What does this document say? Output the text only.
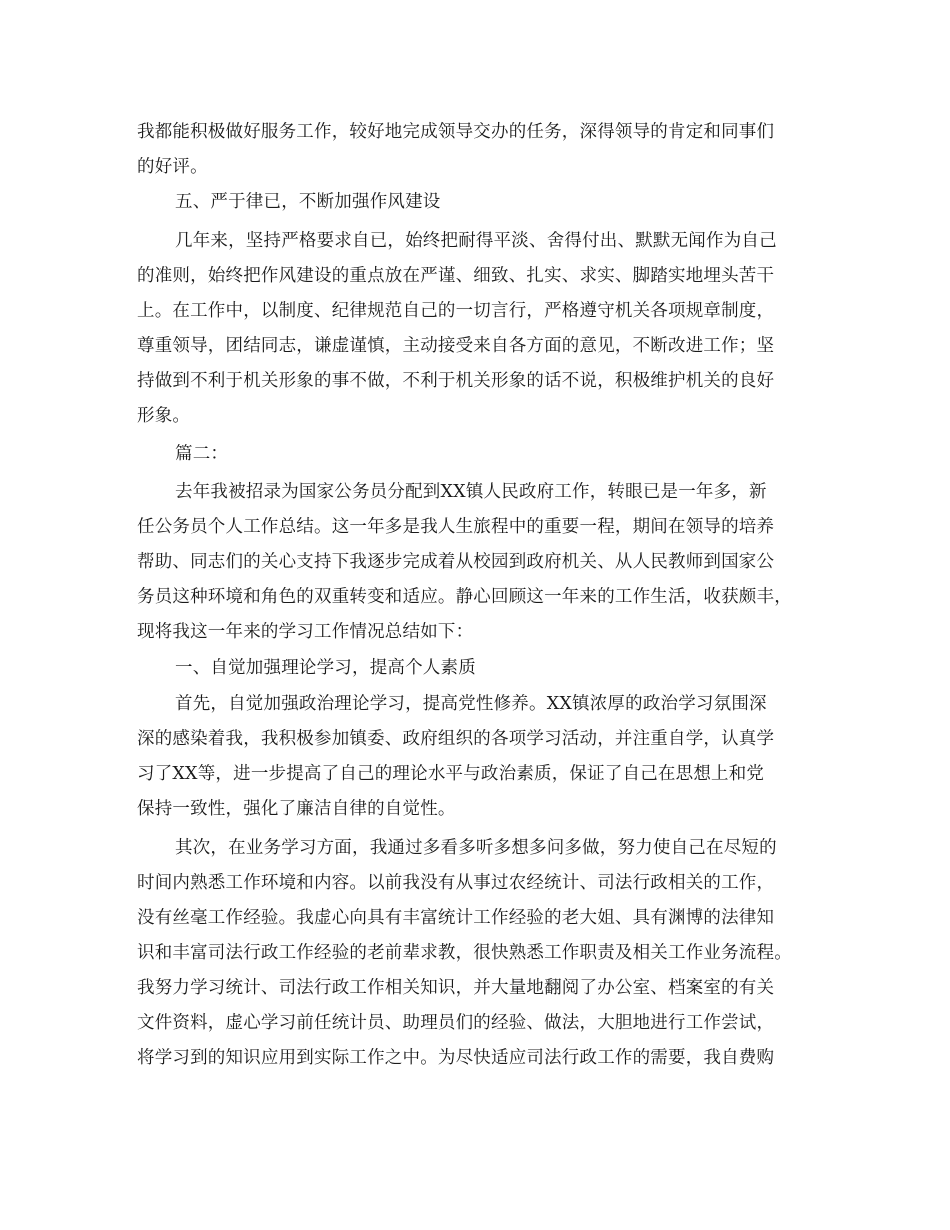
我都能积极做好服务工作，较好地完成领导交办的任务，深得领导的肯定和同事们
的好评。
五、严于律已，不断加强作风建设
几年来，坚持严格要求自已，始终把耐得平淡、舍得付出、默默无闻作为自己
的准则，始终把作风建设的重点放在严谨、细致、扎实、求实、脚踏实地埋头苦干
上。在工作中，以制度、纪律规范自己的一切言行，严格遵守机关各项规章制度，
尊重领导，团结同志，谦虚谨慎，主动接受来自各方面的意见，不断改进工作；坚
持做到不利于机关形象的事不做，不利于机关形象的话不说，积极维护机关的良好
形象。
篇二：
去年我被招录为国家公务员分配到XX镇人民政府工作，转眼已是一年多，新
任公务员个人工作总结。这一年多是我人生旅程中的重要一程，期间在领导的培养
帮助、同志们的关心支持下我逐步完成着从校园到政府机关、从人民教师到国家公
务员这种环境和角色的双重转变和适应。静心回顾这一年来的工作生活，收获颇丰，
现将我这一年来的学习工作情况总结如下：
一、自觉加强理论学习，提高个人素质
首先，自觉加强政治理论学习，提高党性修养。XX镇浓厚的政治学习氛围深
深的感染着我，我积极参加镇委、政府组织的各项学习活动，并注重自学，认真学
习了XX等，进一步提高了自己的理论水平与政治素质，保证了自己在思想上和党
保持一致性，强化了廉洁自律的自觉性。
其次，在业务学习方面，我通过多看多听多想多问多做，努力使自己在尽短的
时间内熟悉工作环境和内容。以前我没有从事过农经统计、司法行政相关的工作，
没有丝毫工作经验。我虚心向具有丰富统计工作经验的老大姐、具有渊博的法律知
识和丰富司法行政工作经验的老前辈求教，很快熟悉工作职责及相关工作业务流程。
我努力学习统计、司法行政工作相关知识，并大量地翻阅了办公室、档案室的有关
文件资料，虚心学习前任统计员、助理员们的经验、做法，大胆地进行工作尝试，
将学习到的知识应用到实际工作之中。为尽快适应司法行政工作的需要，我自费购
